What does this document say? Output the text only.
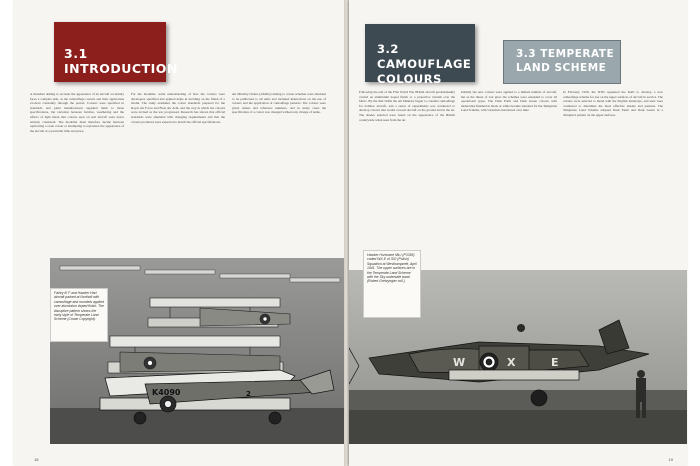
3.1 INTRODUCTION

A modeller aiming to recreate the appearance of an aircraft accurately faces a complex task, as the camouflage colours and their application evolved constantly through the period. Colours were specified in standards and paint manufacturers supplied them to those specifications, but variation between batches, weathering and the effects of light mean that colours seen on real aircraft were never entirely consistent. The modeller must therefore decide between replicating a scale colour or attempting to reproduce the appearance of the aircraft at a particular time and place.

For the modeller, some understanding of how the colours were developed, specified and applied helps in deciding on the finish of a model. The study examines the colour standards prepared for the Royal Air Force and Fleet Air Arm, and the way in which the colours were revised as the war progressed. Research has shown that official standards were amended with changing requirements and that the colours produced were expected to match the official specifications.

Air Ministry Orders (AMOs) relating to colour schemes were intended to be publicised to all units and included instructions on the use of colours and the application of camouflage patterns. The colours were given names and reference numbers, and in many cases the specification of a colour was changed without any change of name.

K4090	2
Fairey III F and Hawker Hart aircraft parked at Northolt with camouflage and roundels applied over aluminium doped finish. The disruptive pattern shows the early style of Temperate Land Scheme (Crown Copyright).
18
3.2 CAMOUFLAGE COLOURS
3.3 TEMPERATE LAND SCHEME

Following the end of the First World War British aircraft predominantly carried an aluminium doped finish or a protective varnish over the fabric. By the mid 1930s the Air Ministry began to consider camouflage for bomber aircraft, and a series of experiments was conducted to develop colours that would conceal aircraft on the ground and in the air. The shades selected were based on the appearance of the British countryside when seen from the air.

Initially the new colours were applied to a limited number of aircraft, but as the threat of war grew the schemes were extended to cover all operational types. The Dark Earth and Dark Green colours with undersides finished in black or white became standard for the Temperate Land Scheme, with variations introduced over time.

In February 1936, the DTD requested the RAE to develop a new camouflage scheme for use on the upper surfaces of aircraft in service. The colours were selected to blend with the English landscape, and tests were conducted to determine the most effective shades and patterns. The Temperate Land Scheme adopted Dark Earth and Dark Green in a disruptive pattern on the upper surfaces.

W	X	E
Hawker Hurricane Mk.I (P3395) coded WX-E of 302 (Polish) Squadron at Westhampnett, April 1941. The upper surfaces are in the Temperate Land Scheme with the Sky underside band (Robert Gretzyngier coll.)
19
